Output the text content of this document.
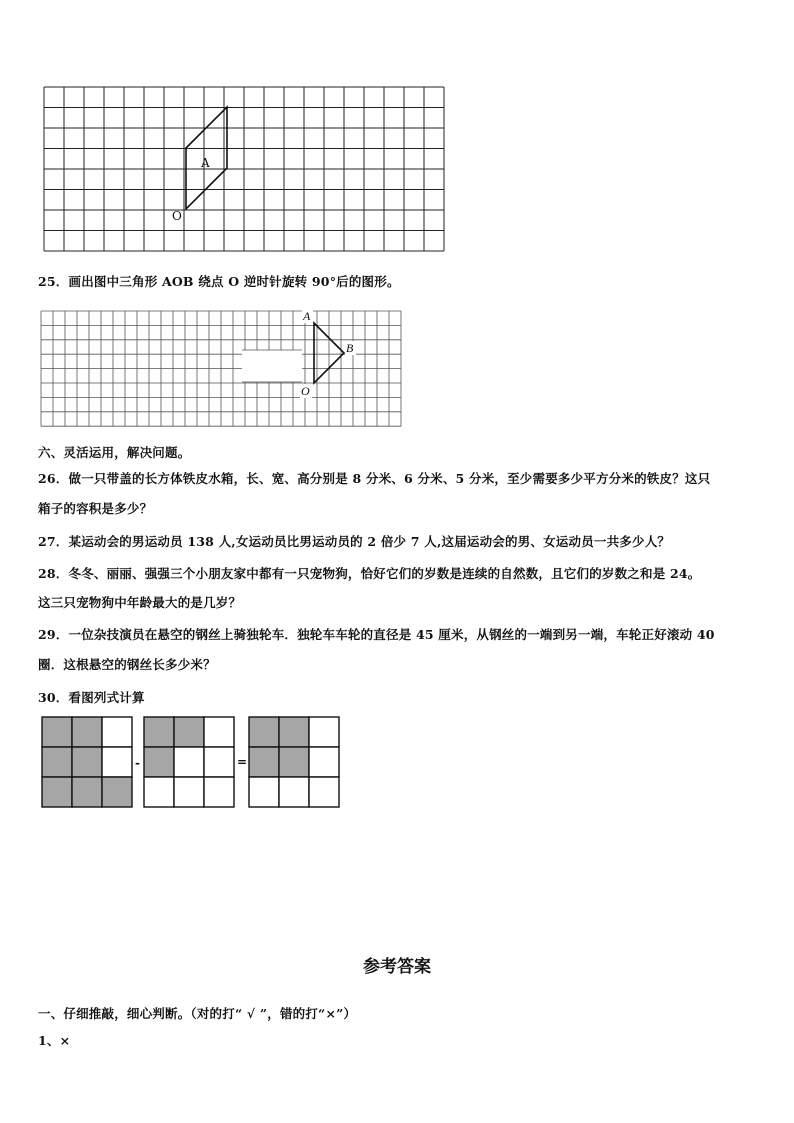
A
O
25．画出图中三角形 AOB 绕点 O 逆时针旋转 90°后的图形。
A
B
O
六、灵活运用，解决问题。
26．做一只带盖的长方体铁皮水箱，长、宽、高分别是 8 分米、6 分米、5 分米，至少需要多少平方分米的铁皮？这只
箱子的容积是多少？
27．某运动会的男运动员 138 人,女运动员比男运动员的 2 倍少 7 人,这届运动会的男、女运动员一共多少人？
28．冬冬、丽丽、强强三个小朋友家中都有一只宠物狗，恰好它们的岁数是连续的自然数，且它们的岁数之和是 24。
这三只宠物狗中年龄最大的是几岁？
29．一位杂技演员在悬空的钢丝上骑独轮车．独轮车车轮的直径是 45 厘米，从钢丝的一端到另一端，车轮正好滚动 40
圈．这根悬空的钢丝长多少米？
30．看图列式计算
-	=
参考答案
一、仔细推敲，细心判断。（对的打“ √ ”，错的打“×”）
1、×
